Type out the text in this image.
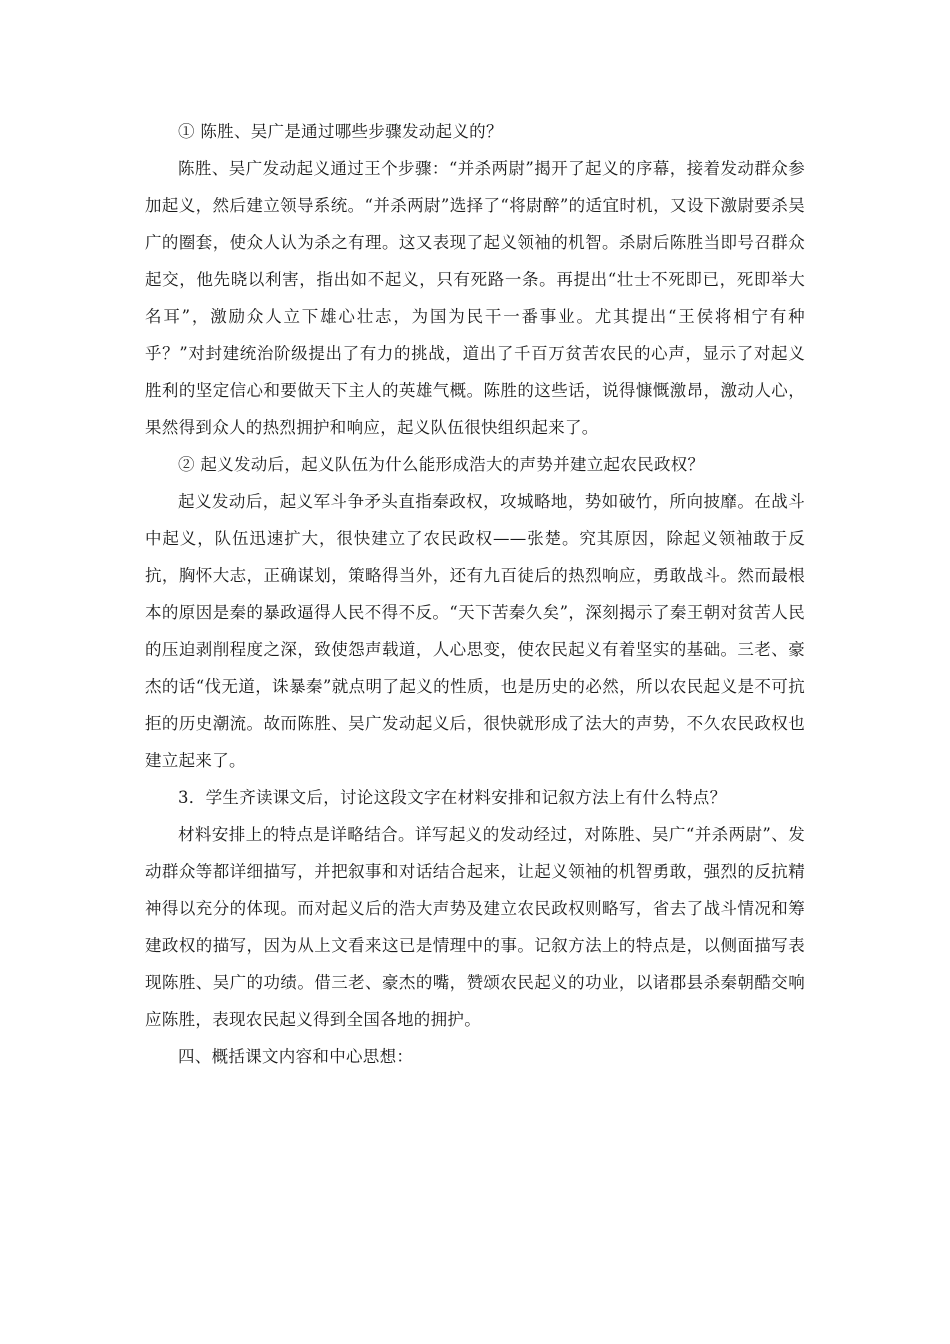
① 陈胜、吴广是通过哪些步骤发动起义的？

陈胜、吴广发动起义通过王个步骤：“并杀两尉”揭开了起义的序幕，接着发动群众参加起义，然后建立领导系统。“并杀两尉”选择了“将尉醉”的适宜时机，又设下激尉要杀吴广的圈套，使众人认为杀之有理。这又表现了起义领袖的机智。杀尉后陈胜当即号召群众起交，他先晓以利害，指出如不起义，只有死路一条。再提出“壮士不死即已，死即举大名耳”，激励众人立下雄心壮志，为国为民干一番事业。尤其提出“王侯将相宁有种乎？”对封建统治阶级提出了有力的挑战，道出了千百万贫苦农民的心声，显示了对起义胜利的坚定信心和要做天下主人的英雄气概。陈胜的这些话，说得慷慨激昂，激动人心，果然得到众人的热烈拥护和响应，起义队伍很快组织起来了。

② 起义发动后，起义队伍为什么能形成浩大的声势并建立起农民政权？

起义发动后，起义军斗争矛头直指秦政权，攻城略地，势如破竹，所向披靡。在战斗中起义，队伍迅速扩大，很快建立了农民政权——张楚。究其原因，除起义领袖敢于反抗，胸怀大志，正确谋划，策略得当外，还有九百徒后的热烈响应，勇敢战斗。然而最根本的原因是秦的暴政逼得人民不得不反。“天下苦秦久矣”，深刻揭示了秦王朝对贫苦人民的压迫剥削程度之深，致使怨声载道，人心思变，使农民起义有着坚实的基础。三老、豪杰的话“伐无道，诛暴秦”就点明了起义的性质，也是历史的必然，所以农民起义是不可抗拒的历史潮流。故而陈胜、吴广发动起义后，很快就形成了法大的声势，不久农民政权也建立起来了。

3．学生齐读课文后，讨论这段文字在材料安排和记叙方法上有什么特点？

材料安排上的特点是详略结合。详写起义的发动经过，对陈胜、吴广“并杀两尉”、发动群众等都详细描写，并把叙事和对话结合起来，让起义领袖的机智勇敢，强烈的反抗精神得以充分的体现。而对起义后的浩大声势及建立农民政权则略写，省去了战斗情况和筹建政权的描写，因为从上文看来这已是情理中的事。记叙方法上的特点是，以侧面描写表现陈胜、吴广的功绩。借三老、豪杰的嘴，赞颂农民起义的功业，以诸郡县杀秦朝酷交响应陈胜，表现农民起义得到全国各地的拥护。

四、概括课文内容和中心思想：
